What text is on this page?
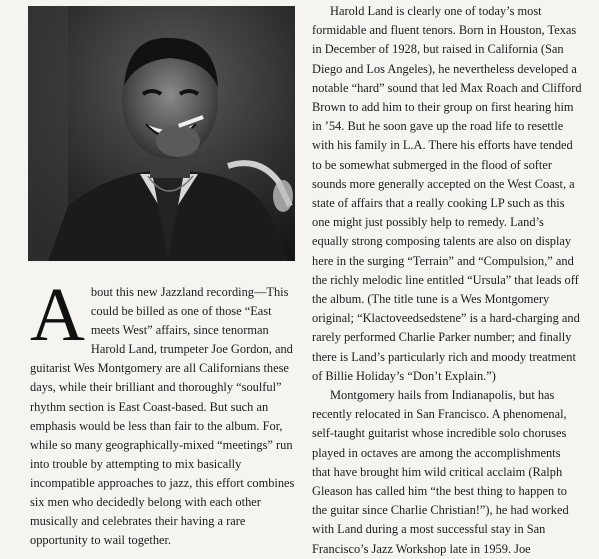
About this new Jazzland recording—This could be billed as one of those “East meets West” affairs, since tenorman Harold Land, trumpeter Joe Gordon, and guitarist Wes Montgomery are all Californians these days, while their brilliant and thoroughly “soulful” rhythm section is East Coast-based. But such an emphasis would be less than fair to the album. For, while so many geographically-mixed “meetings” run into trouble by attempting to mix basically incompatible approaches to jazz, this effort combines six men who decidedly belong with each other musically and celebrates their having a rare opportunity to wail together.

Harold Land is clearly one of today’s most formidable and fluent tenors. Born in Houston, Texas in December of 1928, but raised in California (San Diego and Los Angeles), he nevertheless developed a notable “hard” sound that led Max Roach and Clifford Brown to add him to their group on first hearing him in ’54. But he soon gave up the road life to resettle with his family in L.A. There his efforts have tended to be somewhat submerged in the flood of softer sounds more generally accepted on the West Coast, a state of affairs that a really cooking LP such as this one might just possibly help to remedy. Land’s equally strong composing talents are also on display here in the surging “Terrain” and “Compulsion,” and the richly melodic line entitled “Ursula” that leads off the album. (The title tune is a Wes Montgomery original; “Klactoveedsedstene” is a hard-charging and rarely performed Charlie Parker number; and finally there is Land’s particularly rich and moody treatment of Billie Holiday’s “Don’t Explain.”)

Montgomery hails from Indianapolis, but has recently relocated in San Francisco. A phenomenal, self-taught guitarist whose incredible solo choruses played in octaves are among the accomplishments that have brought him wild critical acclaim (Ralph Gleason has called him “the best thing to happen to the guitar since Charlie Christian!”), he had worked with Land during a most successful stay in San Francisco’s Jazz Workshop late in 1959. Joe
